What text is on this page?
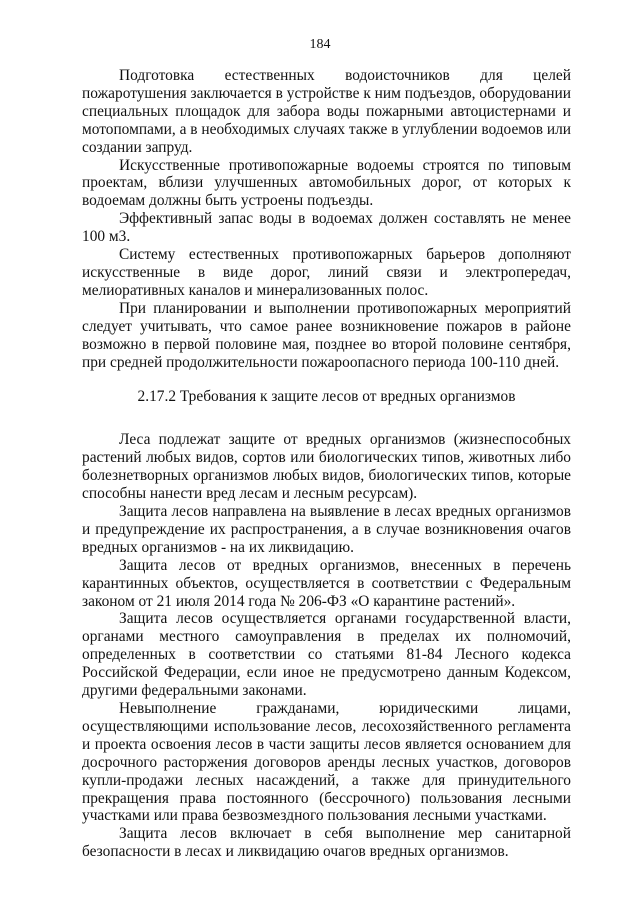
184

Подготовка естественных водоисточников для целей пожаротушения заключается в устройстве к ним подъездов, оборудовании специальных площадок для забора воды пожарными автоцистернами и мотопомпами, а в необходимых случаях также в углублении водоемов или создании запруд.

Искусственные противопожарные водоемы строятся по типовым проектам, вблизи улучшенных автомобильных дорог, от которых к водоемам должны быть устроены подъезды.

Эффективный запас воды в водоемах должен составлять не менее 100 м3.

Систему естественных противопожарных барьеров дополняют искусственные в виде дорог, линий связи и электропередач, мелиоративных каналов и минерализованных полос.

При планировании и выполнении противопожарных мероприятий следует учитывать, что самое ранее возникновение пожаров в районе возможно в первой половине мая, позднее во второй половине сентября, при средней продолжительности пожароопасного периода 100-110 дней.

2.17.2 Требования к защите лесов от вредных организмов

Леса подлежат защите от вредных организмов (жизнеспособных растений любых видов, сортов или биологических типов, животных либо болезнетворных организмов любых видов, биологических типов, которые способны нанести вред лесам и лесным ресурсам).

Защита лесов направлена на выявление в лесах вредных организмов и предупреждение их распространения, а в случае возникновения очагов вредных организмов - на их ликвидацию.

Защита лесов от вредных организмов, внесенных в перечень карантинных объектов, осуществляется в соответствии с Федеральным законом от 21 июля 2014 года № 206-ФЗ «О карантине растений».

Защита лесов осуществляется органами государственной власти, органами местного самоуправления в пределах их полномочий, определенных в соответствии со статьями 81-84 Лесного кодекса Российской Федерации, если иное не предусмотрено данным Кодексом, другими федеральными законами.

Невыполнение гражданами, юридическими лицами, осуществляющими использование лесов, лесохозяйственного регламента и проекта освоения лесов в части защиты лесов является основанием для досрочного расторжения договоров аренды лесных участков, договоров купли-продажи лесных насаждений, а также для принудительного прекращения права постоянного (бессрочного) пользования лесными участками или права безвозмездного пользования лесными участками.

Защита лесов включает в себя выполнение мер санитарной безопасности в лесах и ликвидацию очагов вредных организмов.
